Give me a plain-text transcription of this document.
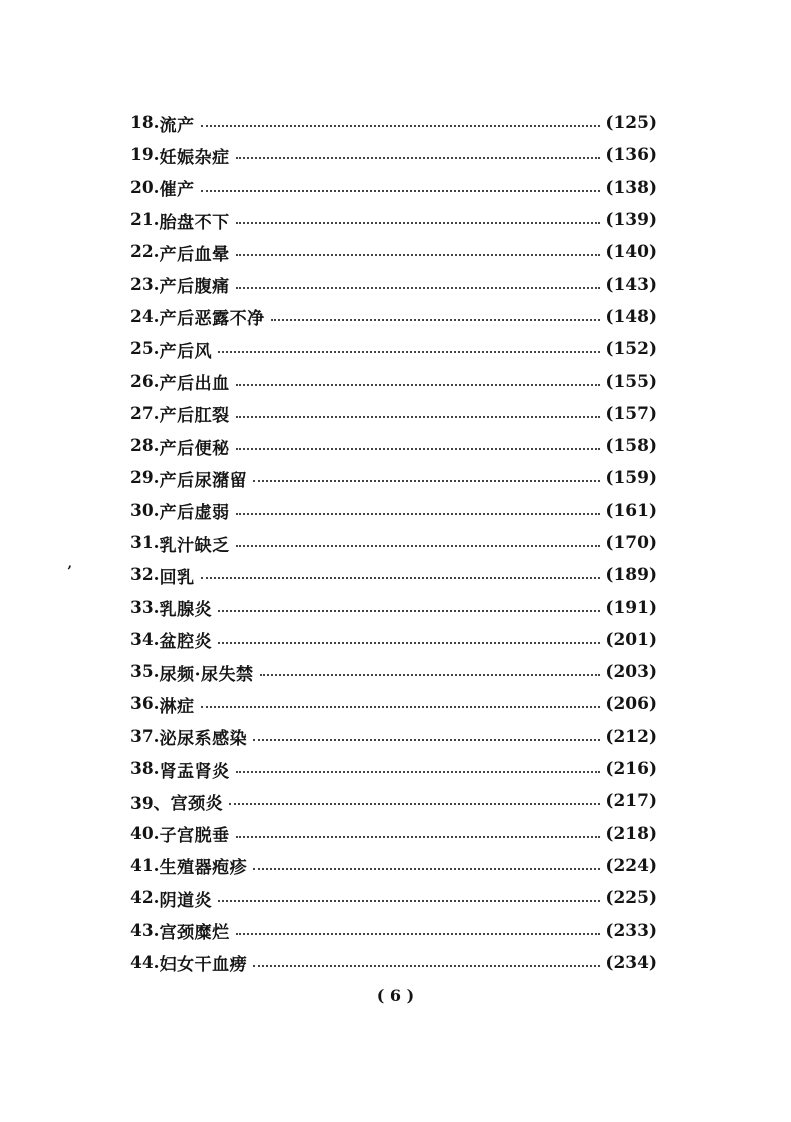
’
18. 流产	(125)
19. 妊娠杂症	(136)
20. 催产	(138)
21. 胎盘不下	(139)
22. 产后血晕	(140)
23. 产后腹痛	(143)
24. 产后恶露不净	(148)
25. 产后风	(152)
26. 产后出血	(155)
27. 产后肛裂	(157)
28. 产后便秘	(158)
29. 产后尿潴留	(159)
30. 产后虚弱	(161)
31. 乳汁缺乏	(170)
32. 回乳	(189)
33. 乳腺炎	(191)
34. 盆腔炎	(201)
35. 尿频·尿失禁	(203)
36. 淋症	(206)
37. 泌尿系感染	(212)
38. 肾盂肾炎	(216)
39、 宫颈炎	(217)
40. 子宫脱垂	(218)
41. 生殖器疱疹	(224)
42. 阴道炎	(225)
43. 宫颈糜烂	(233)
44. 妇女干血痨	(234)
( 6 )
